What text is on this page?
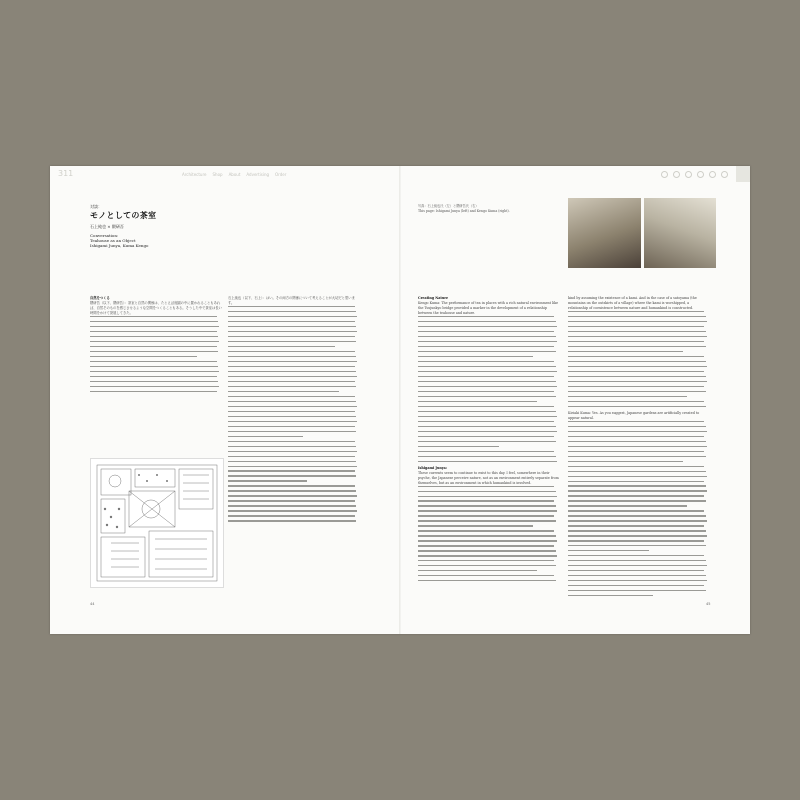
311	Architecture Shop About Advertising Order
対談：
モノとしての茶室
石上純也 × 隈研吾
Conversation:
Teahouse as an Object
Ishigami Junya, Kuma Kengo
自然をつくる
隈研吾（以下、隈研吾）：茶室と自然の関係は、たとえば庭園の中に置かれることもあれば、自然そのものを感じさせるような空間をつくることもある。そうした中で茶室は長い時間をかけて発展してきた。
石上純也（以下、石上）：はい。その両方の関係について考えることが大切だと思います。
44
写真：石上純也氏（左）と隈研吾氏（右）
This page: Ishigami Junya (left) and Kengo Kuma (right).
Creating Nature
Kengo Kuma: The performance of tea in places with a rich natural environment like the Tsujunkyo bridge provided a marker in the development of a relationship between the teahouse and nature.
Ishigami Junya:
These currents seem to continue to exist to this day. I feel, somewhere in their psyche, the Japanese perceive nature, not as an environment entirely separate from themselves, but as an environment in which humankind is involved.
kind by assuming the existence of a kami. And in the case of a satoyama (the mountains on the outskirts of a village) where the kami is worshipped, a relationship of coexistence between nature and humankind is constructed.
Kiriaki Kuma: Yes. As you suggest, Japanese gardens are artificially created to appear natural.
45
